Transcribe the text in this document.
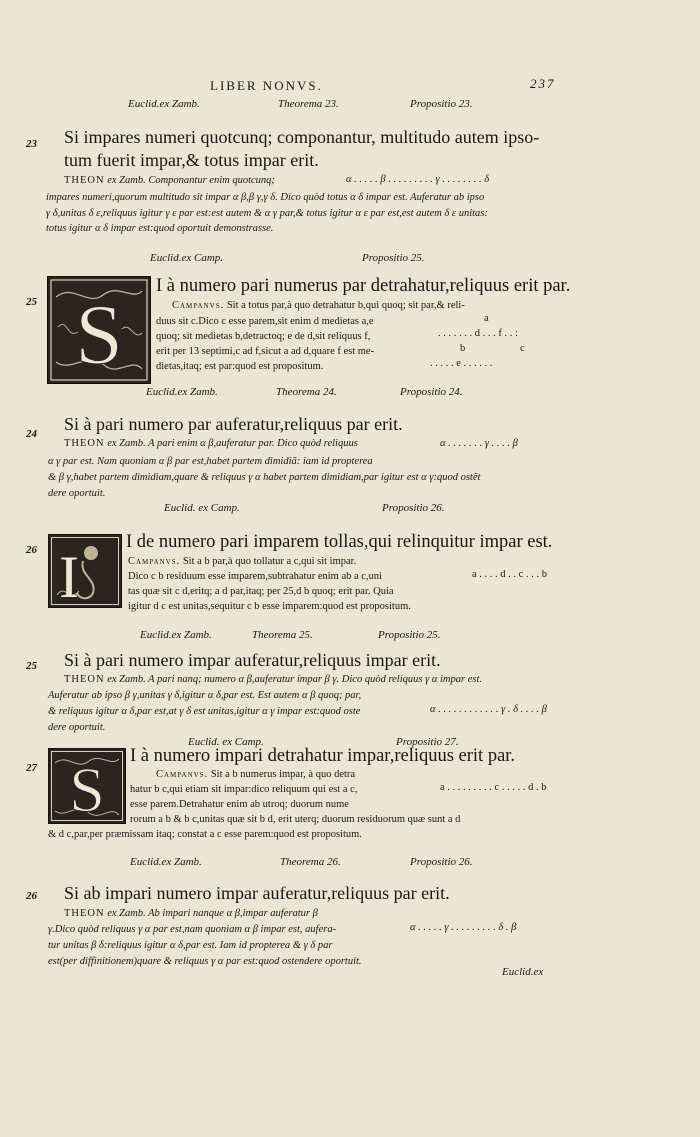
LIBER NONVS.	237
Euclid.ex Zamb.	Theorema 23.	Propositio 23.
23 Si impares numeri quotcunq; componantur, multitudo autem ipso-
tum fuerit impar,& totus impar erit.
THEON ex Zamb. Componantur enim quotcunq;	α . . . . . β . . . . . . . . . γ . . . . . . . . δ
impares numeri,quorum multitudo sit impar α β,β γ,γ δ. Dico quòd totus α δ impar est. Auferatur ab ipso
γ δ,unitas δ ε,reliquus igitur γ ε par est:est autem & α γ par,& totus igitur α ε par est,est autem δ ε unitas:
totus igitur α δ impar est:quod oportuit demonstrasse.
Euclid.ex Camp.	Propositio 25.
25 S I à numero pari numerus par detrahatur,reliquus erit par.
Campanvs. Sit a totus par,à quo detrahatur b,qui quoq; sit par,& reli-
duus sit c.Dico c esse parem,sit enim d medietas a,e
quoq; sit medietas b,detractoq; e de d,sit reliquus f,
erit per 13 septimi,c ad f,sicut a ad d,quare f est me-
dietas,itaq; est par:quod est propositum.
a
. . . . . . . d . . . f . . :
b	c
. . . . . e . . . . . .
Euclid.ex Zamb.	Theorema 24.	Propositio 24.
24 Si à pari numero par auferatur,reliquus par erit.
THEON ex Zamb. A pari enim α β,auferatur par. Dico quòd reliquus	α . . . . . . . γ . . . . β
α γ par est. Nam quoniam α β par est,habet partem dimidiã: iam id propterea
& β γ,habet partem dimidiam,quare & reliquus γ α habet partem dimidiam,par igitur est α γ:quod ostẽt
dere oportuit.
Euclid. ex Camp.	Propositio 26.
26 I
I de numero pari imparem tollas,qui relinquitur impar est.
Campanvs. Sit a b par,à quo tollatur a c,qui sit impar.
Dico c b residuum esse imparem,subtrahatur enim ab a c,uni
tas quæ sit c d,eritq; a d par,itaq; per 25,d b quoq; erit par. Quia
igitur d c est unitas,sequitur c b esse imparem:quod est propositum.
a . . . . d . . c . . . b
Euclid.ex Zamb.	Theorema 25.	Propositio 25.
25 Si à pari numero impar auferatur,reliquus impar erit.
THEON ex Zamb. A pari nanq; numero α β,auferatur impar β γ. Dico quòd reliquus γ α impar est.
Auferatur ab ipso β γ,unitas γ δ,igitur α δ,par est. Est autem α β quoq; par,
& reliquus igitur α δ,par est,at γ δ est unitas,igitur α γ impar est:quod oste
dere oportuit.
α . . . . . . . . . . . . γ . δ . . . . β
Euclid. ex Camp.	Propositio 27.
27 S I à numero impari detrahatur impar,reliquus erit par.
Campanvs. Sit a b numerus impar, à quo detra
hatur b c,qui etiam sit impar:dico reliquum qui est a c,
esse parem.Detrahatur enim ab utroq; duorum nume
rorum a b & b c,unitas quæ sit b d, erit uterq; duorum residuorum quæ sunt a d
& d c,par,per præmissam itaq; constat a c esse parem:quod est propositum.
a . . . . . . . . . c . . . . . d . b
Euclid.ex Zamb.	Theorema 26.	Propositio 26.
26 Si ab impari numero impar auferatur,reliquus par erit.
THEON ex Zamb. Ab impari nanque α β,impar auferatur β
γ.Dico quòd reliquus γ α par est,nam quoniam α β impar est, aufera-
tur unitas β δ:reliquus igitur α δ,par est. Iam id propterea & γ δ par
est(per diffinitionem)quare & reliquus γ α par est:quod ostendere oportuit.
α . . . . . γ . . . . . . . . . δ . β
Euclid.ex
